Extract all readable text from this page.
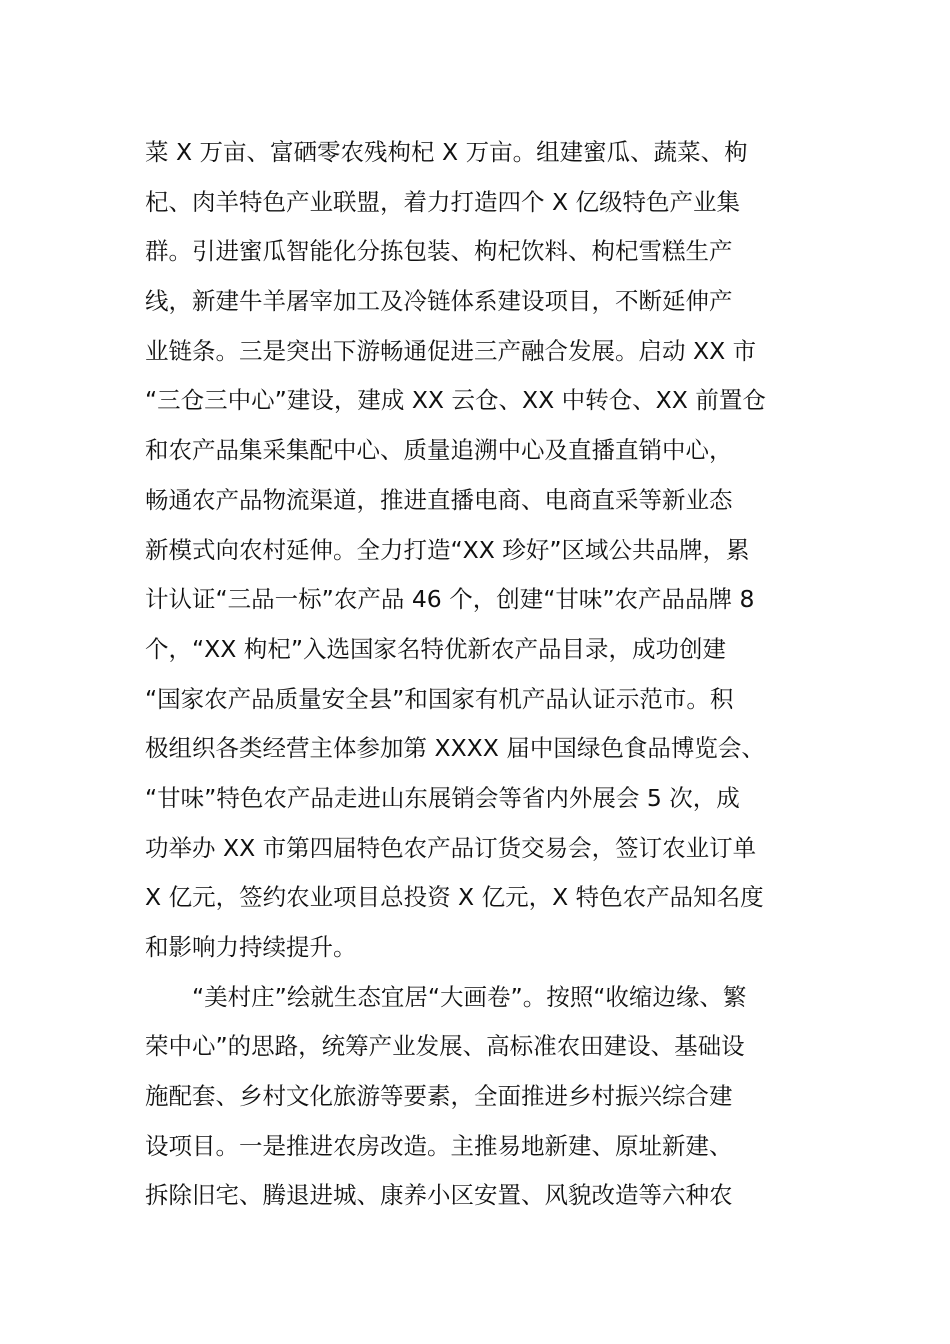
菜 X 万亩、富硒零农残枸杞 X 万亩。组建蜜瓜、蔬菜、枸
杞、肉羊特色产业联盟，着力打造四个 X 亿级特色产业集
群。引进蜜瓜智能化分拣包装、枸杞饮料、枸杞雪糕生产
线，新建牛羊屠宰加工及冷链体系建设项目，不断延伸产
业链条。三是突出下游畅通促进三产融合发展。启动 XX 市
“三仓三中心”建设，建成 XX 云仓、XX 中转仓、XX 前置仓
和农产品集采集配中心、质量追溯中心及直播直销中心，
畅通农产品物流渠道，推进直播电商、电商直采等新业态
新模式向农村延伸。全力打造“XX 珍好”区域公共品牌，累
计认证“三品一标”农产品 46 个，创建“甘味”农产品品牌 8
个，“XX 枸杞”入选国家名特优新农产品目录，成功创建
“国家农产品质量安全县”和国家有机产品认证示范市。积
极组织各类经营主体参加第 XXXX 届中国绿色食品博览会、
“甘味”特色农产品走进山东展销会等省内外展会 5 次，成
功举办 XX 市第四届特色农产品订货交易会，签订农业订单
X 亿元，签约农业项目总投资 X 亿元，X 特色农产品知名度
和影响力持续提升。
　　“美村庄”绘就生态宜居“大画卷”。按照“收缩边缘、繁
荣中心”的思路，统筹产业发展、高标准农田建设、基础设
施配套、乡村文化旅游等要素，全面推进乡村振兴综合建
设项目。一是推进农房改造。主推易地新建、原址新建、
拆除旧宅、腾退进城、康养小区安置、风貌改造等六种农
